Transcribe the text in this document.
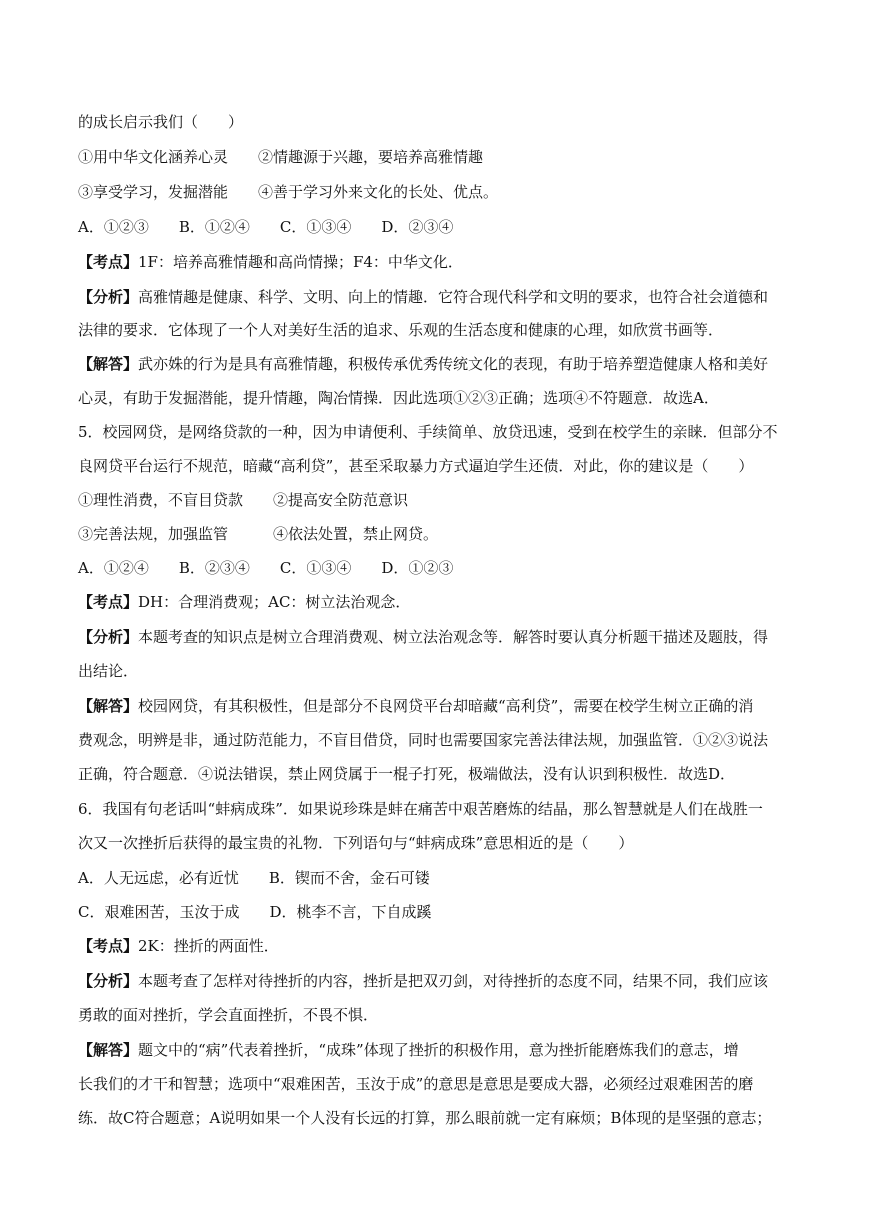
的成长启示我们（　　）
①用中华文化涵养心灵　　②情趣源于兴趣，要培养高雅情趣
③享受学习，发掘潜能　　④善于学习外来文化的长处、优点。
A．①②③　　B．①②④　　C．①③④　　D．②③④
【考点】1F：培养高雅情趣和高尚情操；F4：中华文化．
【分析】高雅情趣是健康、科学、文明、向上的情趣．它符合现代科学和文明的要求，也符合社会道德和
法律的要求．它体现了一个人对美好生活的追求、乐观的生活态度和健康的心理，如欣赏书画等．
【解答】武亦姝的行为是具有高雅情趣，积极传承优秀传统文化的表现，有助于培养塑造健康人格和美好
心灵，有助于发掘潜能，提升情趣，陶冶情操．因此选项①②③正确；选项④不符题意．故选A．
5．校园网贷，是网络贷款的一种，因为申请便利、手续简单、放贷迅速，受到在校学生的亲睐．但部分不
良网贷平台运行不规范，暗藏“高利贷”，甚至采取暴力方式逼迫学生还债．对此，你的建议是（　　）
①理性消费，不盲目贷款　　②提高安全防范意识
③完善法规，加强监管　　　④依法处置，禁止网贷。
A．①②④　　B．②③④　　C．①③④　　D．①②③
【考点】DH：合理消费观；AC：树立法治观念．
【分析】本题考查的知识点是树立合理消费观、树立法治观念等．解答时要认真分析题干描述及题肢，得
出结论．
【解答】校园网贷，有其积极性，但是部分不良网贷平台却暗藏“高利贷”，需要在校学生树立正确的消
费观念，明辨是非，通过防范能力，不盲目借贷，同时也需要国家完善法律法规，加强监管．①②③说法
正确，符合题意．④说法错误，禁止网贷属于一棍子打死，极端做法，没有认识到积极性．故选D．
6．我国有句老话叫“蚌病成珠”．如果说珍珠是蚌在痛苦中艰苦磨炼的结晶，那么智慧就是人们在战胜一
次又一次挫折后获得的最宝贵的礼物．下列语句与“蚌病成珠”意思相近的是（　　）
A．人无远虑，必有近忧　　B．锲而不舍，金石可镂
C．艰难困苦，玉汝于成　　D．桃李不言，下自成蹊
【考点】2K：挫折的两面性．
【分析】本题考查了怎样对待挫折的内容，挫折是把双刃剑，对待挫折的态度不同，结果不同，我们应该
勇敢的面对挫折，学会直面挫折，不畏不惧．
【解答】题文中的“病”代表着挫折，“成珠”体现了挫折的积极作用，意为挫折能磨炼我们的意志，增
长我们的才干和智慧；选项中“艰难困苦，玉汝于成”的意思是意思是要成大器，必须经过艰难困苦的磨
练．故C符合题意；A说明如果一个人没有长远的打算，那么眼前就一定有麻烦；B体现的是坚强的意志；
